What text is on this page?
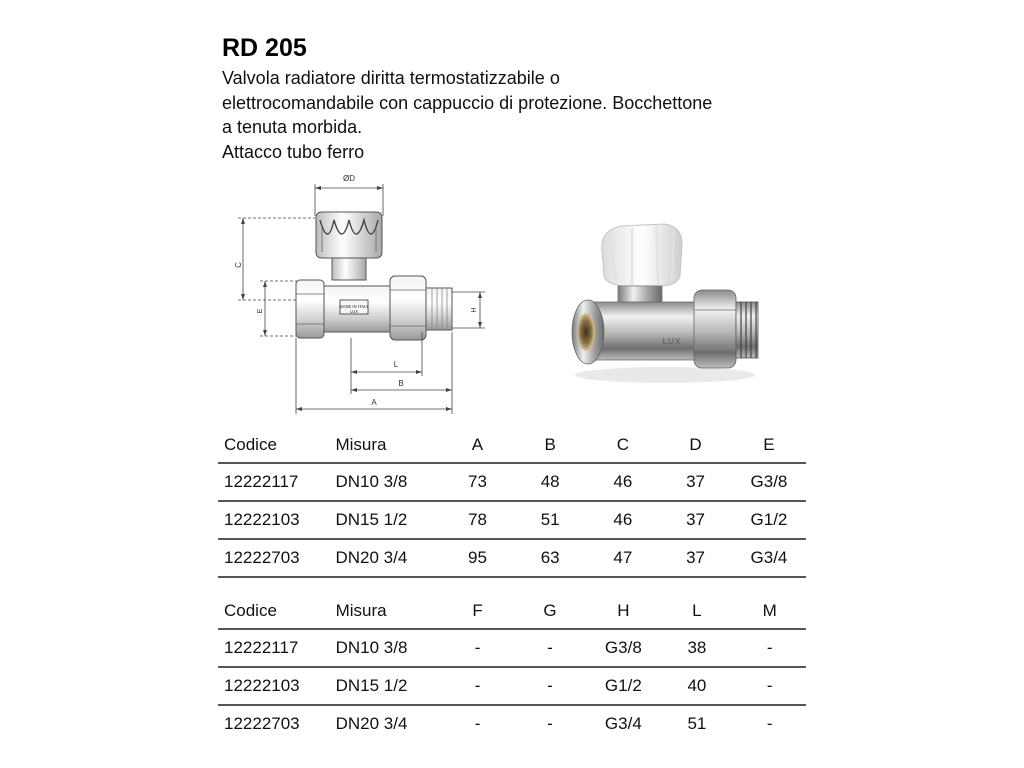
RD 205
Valvola radiatore diritta termostatizzabile o
elettrocomandabile con cappuccio di protezione. Bocchettone
a tenuta morbida.
Attacco tubo ferro
ØD
C
E	H
MADE IN ITALY
LUX
L
B
A
LUX
Codice	Misura	A	B	C	D	E
12222117	DN10 3/8	73	48	46	37	G3/8
12222103	DN15 1/2	78	51	46	37	G1/2
12222703	DN20 3/4	95	63	47	37	G3/4
Codice	Misura	F	G	H	L	M
12222117	DN10 3/8	-	-	G3/8	38	-
12222103	DN15 1/2	-	-	G1/2	40	-
12222703	DN20 3/4	-	-	G3/4	51	-
